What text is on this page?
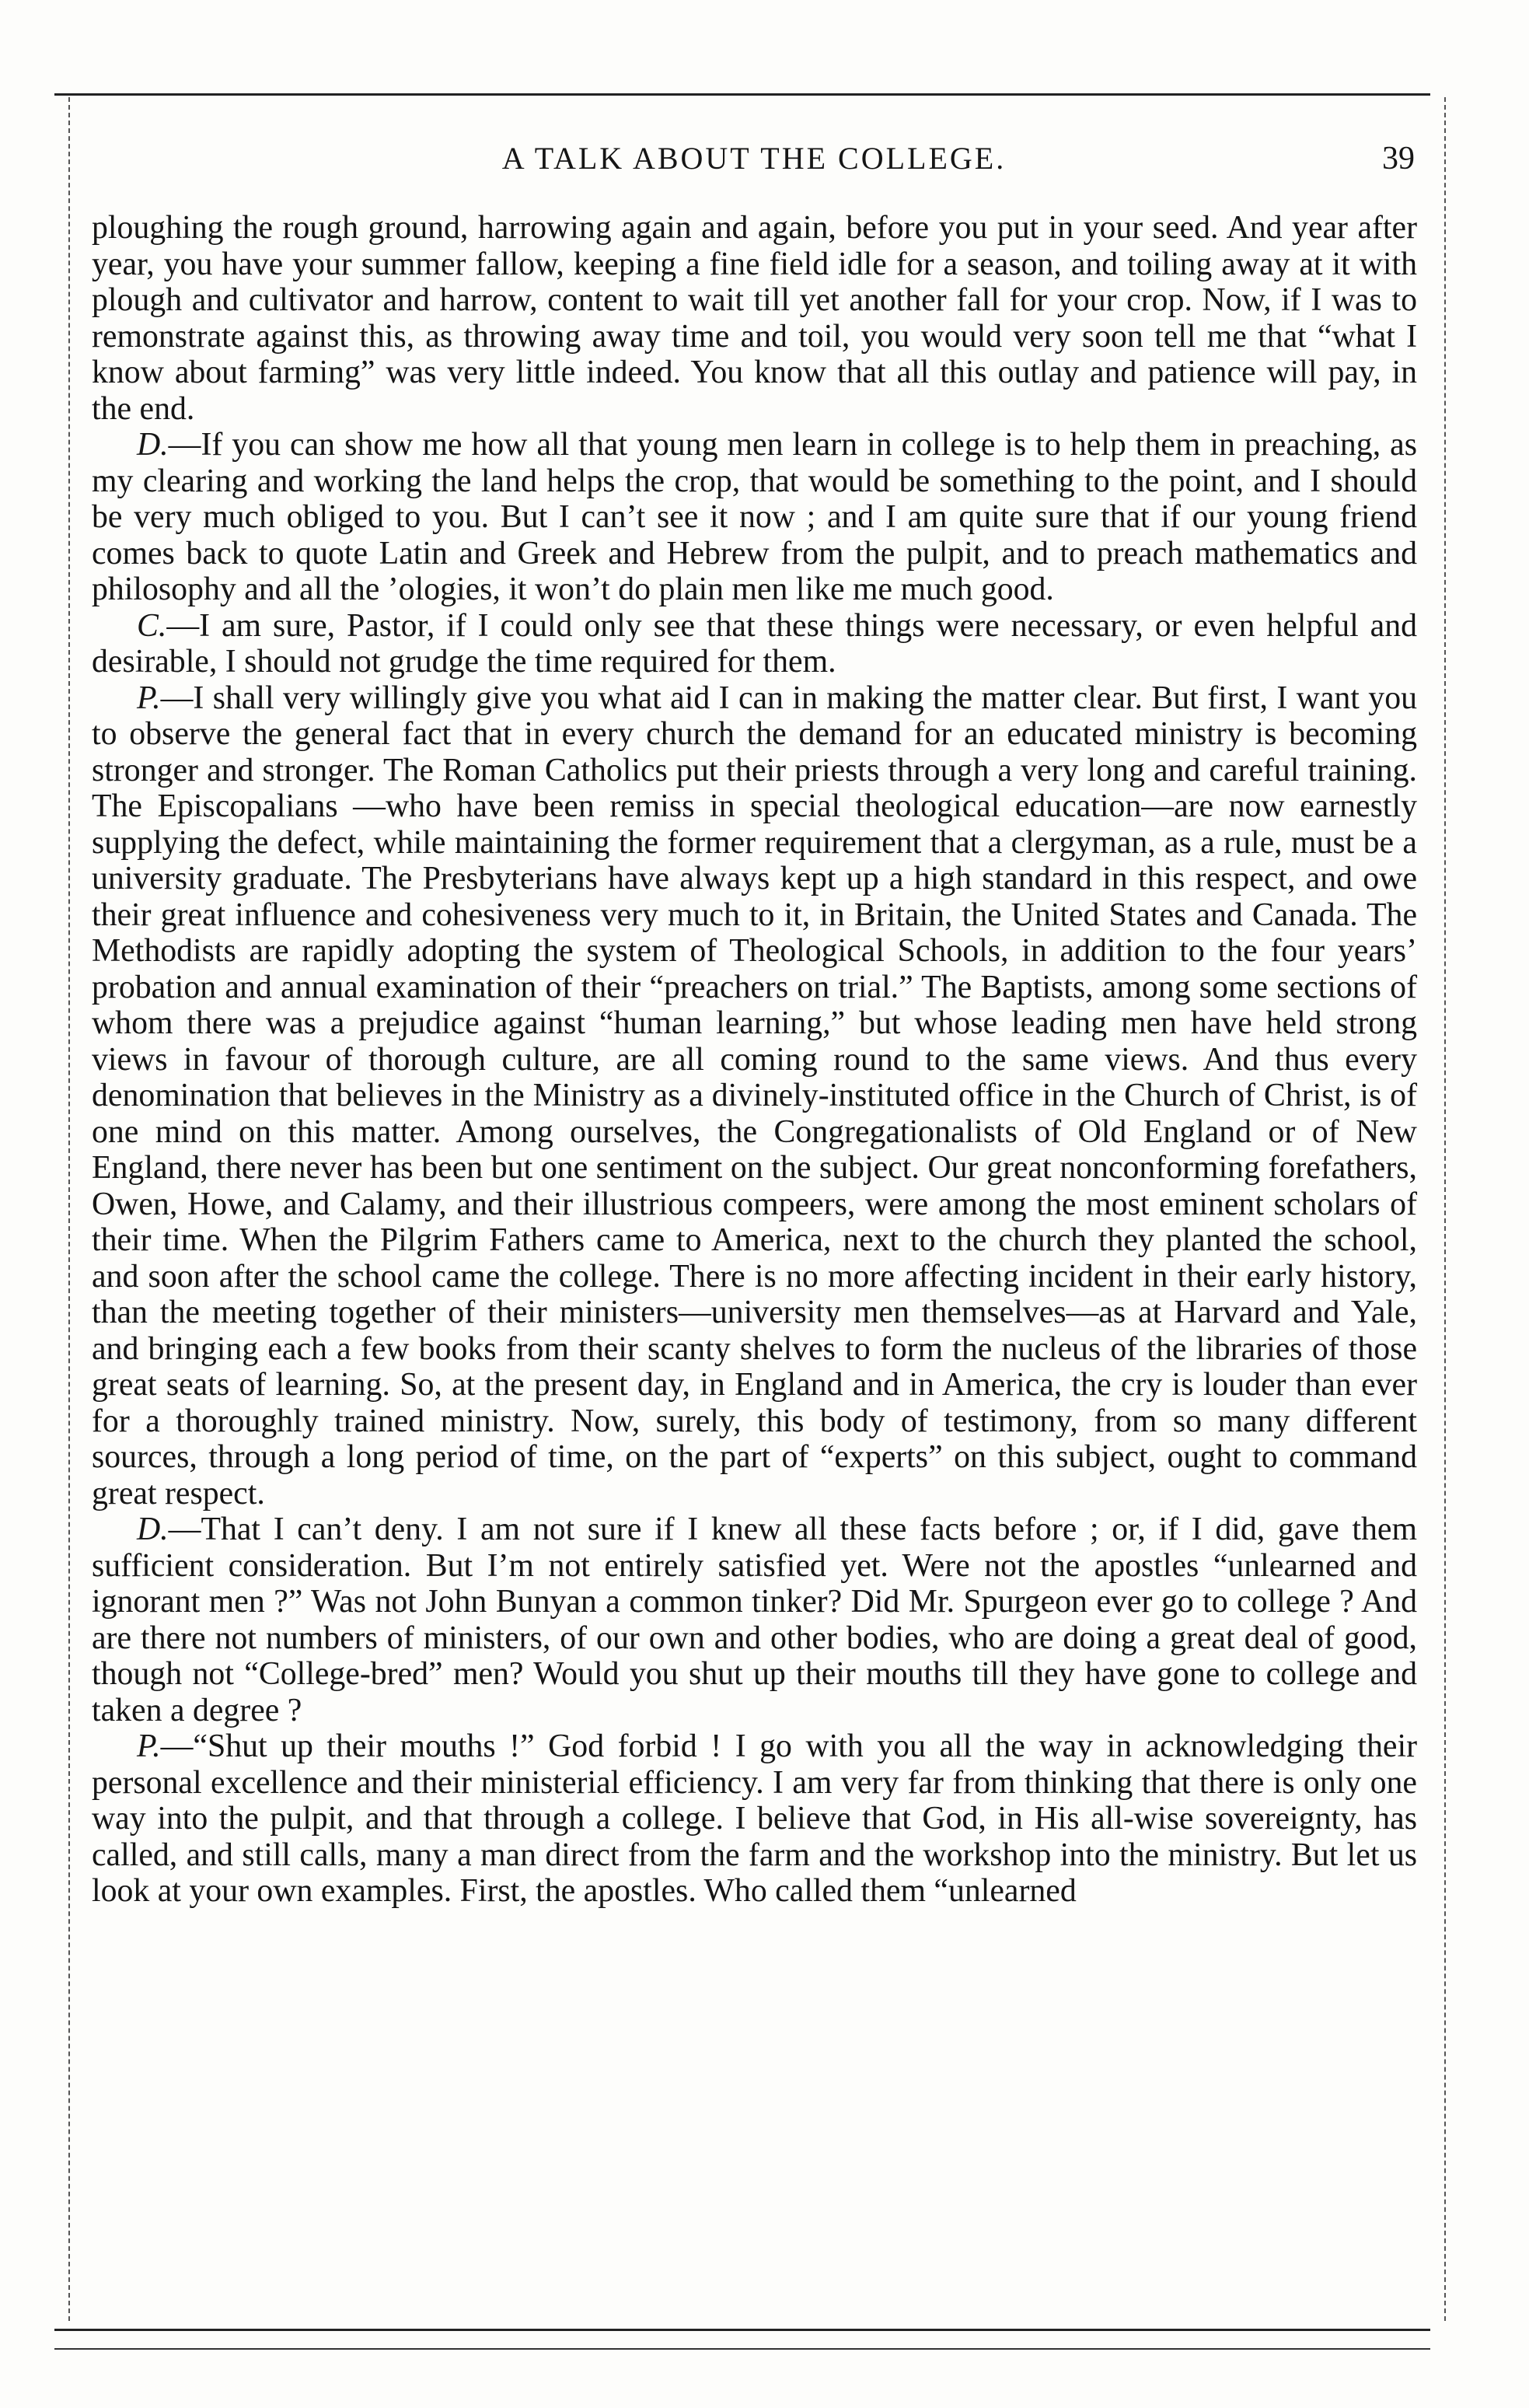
A TALK ABOUT THE COLLEGE.	39

ploughing the rough ground, harrowing again and again, before you put in your seed. And year after year, you have your summer fallow, keeping a fine field idle for a season, and toiling away at it with plough and cultivator and harrow, content to wait till yet another fall for your crop. Now, if I was to remonstrate against this, as throwing away time and toil, you would very soon tell me that “what I know about farming” was very little indeed. You know that all this outlay and patience will pay, in the end.

D.—If you can show me how all that young men learn in college is to help them in preaching, as my clearing and working the land helps the crop, that would be something to the point, and I should be very much obliged to you. But I can’t see it now ; and I am quite sure that if our young friend comes back to quote Latin and Greek and Hebrew from the pulpit, and to preach mathematics and philosophy and all the ’ologies, it won’t do plain men like me much good.

C.—I am sure, Pastor, if I could only see that these things were necessary, or even helpful and desirable, I should not grudge the time required for them.

P.—I shall very willingly give you what aid I can in making the matter clear. But first, I want you to observe the general fact that in every church the demand for an educated ministry is becoming stronger and stronger. The Roman Catholics put their priests through a very long and careful training. The Episcopalians —who have been remiss in special theological education—are now earnestly supplying the defect, while maintaining the former requirement that a clergyman, as a rule, must be a university graduate. The Presbyterians have always kept up a high standard in this respect, and owe their great influence and cohesiveness very much to it, in Britain, the United States and Canada. The Methodists are rapidly adopting the system of Theological Schools, in addition to the four years’ probation and annual examination of their “preachers on trial.” The Baptists, among some sections of whom there was a prejudice against “human learning,” but whose leading men have held strong views in favour of thorough culture, are all coming round to the same views. And thus every denomination that believes in the Ministry as a divinely-instituted office in the Church of Christ, is of one mind on this matter. Among ourselves, the Congregationalists of Old England or of New England, there never has been but one sentiment on the subject. Our great nonconforming forefathers, Owen, Howe, and Calamy, and their illustrious compeers, were among the most eminent scholars of their time. When the Pilgrim Fathers came to America, next to the church they planted the school, and soon after the school came the college. There is no more affecting incident in their early history, than the meeting together of their ministers—university men themselves—as at Harvard and Yale, and bringing each a few books from their scanty shelves to form the nucleus of the libraries of those great seats of learning. So, at the present day, in England and in America, the cry is louder than ever for a thoroughly trained ministry. Now, surely, this body of testimony, from so many different sources, through a long period of time, on the part of “experts” on this subject, ought to command great respect.

D.—That I can’t deny. I am not sure if I knew all these facts before ; or, if I did, gave them sufficient consideration. But I’m not entirely satisfied yet. Were not the apostles “unlearned and ignorant men ?” Was not John Bunyan a common tinker? Did Mr. Spurgeon ever go to college ? And are there not numbers of ministers, of our own and other bodies, who are doing a great deal of good, though not “College-bred” men? Would you shut up their mouths till they have gone to college and taken a degree ?

P.—“Shut up their mouths !” God forbid ! I go with you all the way in acknowledging their personal excellence and their ministerial efficiency. I am very far from thinking that there is only one way into the pulpit, and that through a college. I believe that God, in His all-wise sovereignty, has called, and still calls, many a man direct from the farm and the workshop into the ministry. But let us look at your own examples. First, the apostles. Who called them “unlearned
